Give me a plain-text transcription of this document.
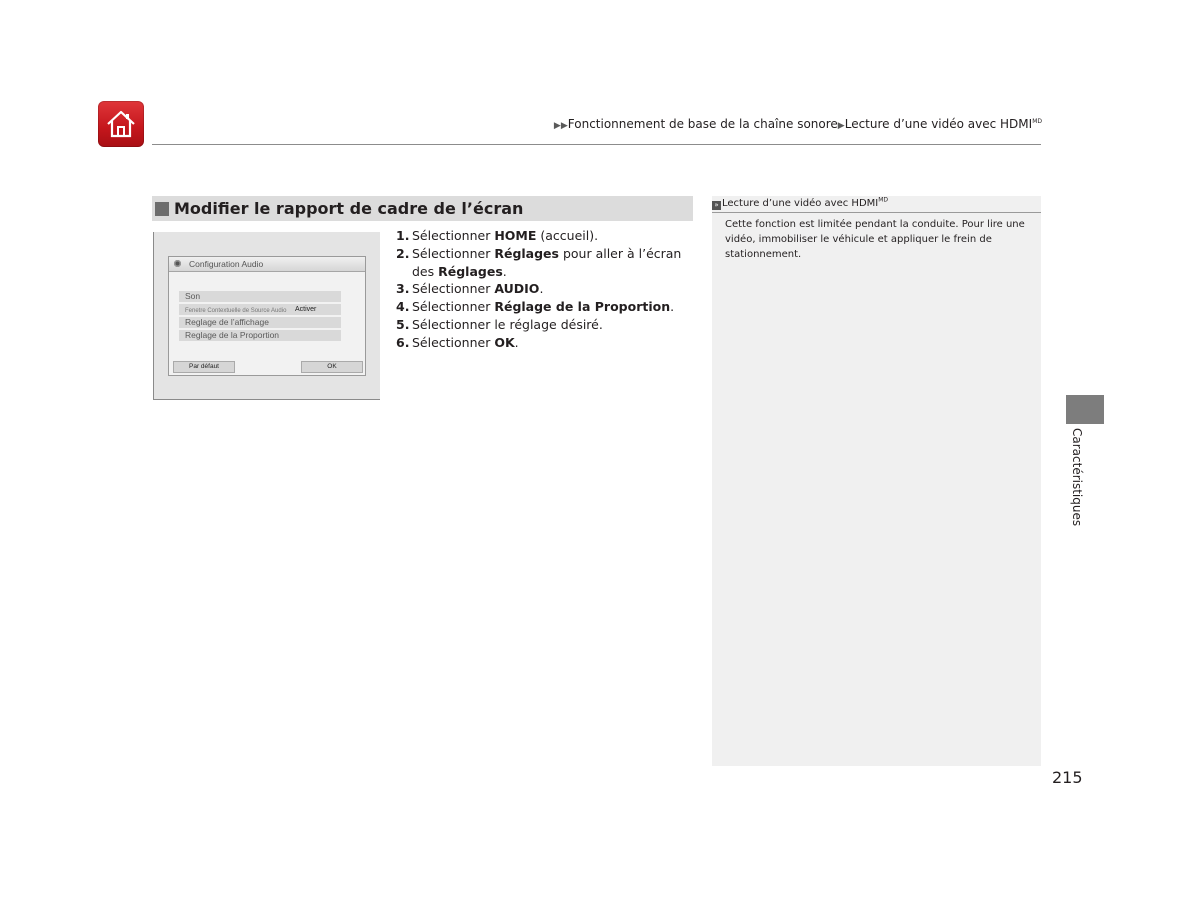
▶▶Fonctionnement de base de la chaîne sonore▶Lecture d’une vidéo avec $HDMI^{MD}$
Modifier le rapport de cadre de l’écran
Configuration Audio
Son
Fenetre Contextuelle de Source Audio Activer
Reglage de l’affichage
Reglage de la Proportion
Par défaut	OK
1. Sélectionner HOME (accueil).
2. Sélectionner Réglages pour aller à l’écran des Réglages.
3. Sélectionner AUDIO.
4. Sélectionner Réglage de la Proportion.
5. Sélectionner le réglage désiré.
6. Sélectionner OK.
» Lecture d’une vidéo avec $HDMI^{MD}$
Cette fonction est limitée pendant la conduite. Pour lire une vidéo, immobiliser le véhicule et appliquer le frein de stationnement.
Caractéristiques
215
